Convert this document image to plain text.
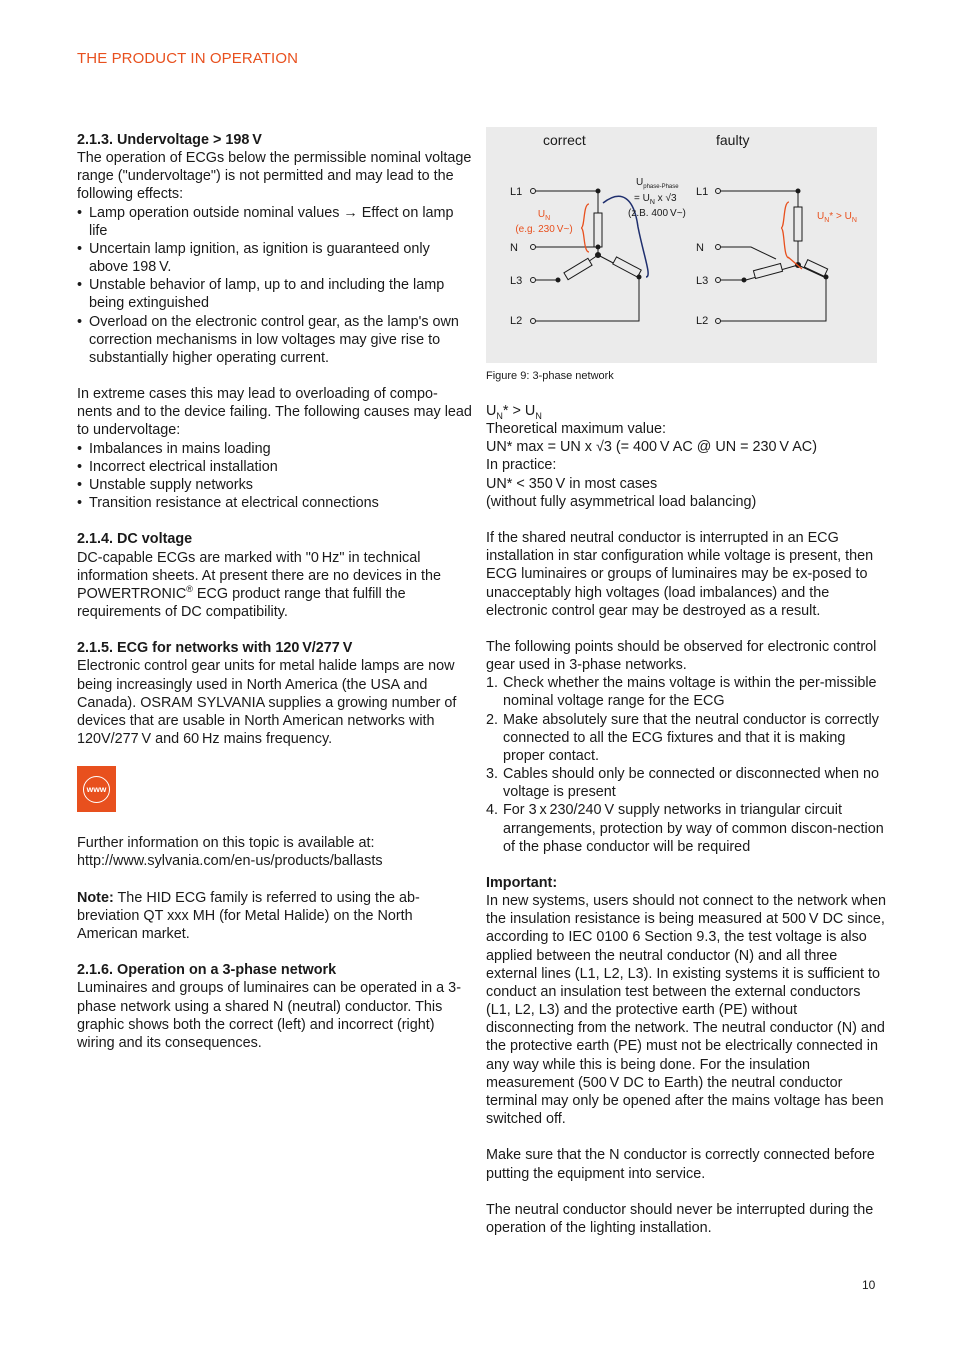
THE PRODUCT IN OPERATION
2.1.3. Undervoltage > 198 V

The operation of ECGs below the permissible nominal voltage range ("undervoltage") is not permitted and may lead to the following effects:

• Lamp operation outside nominal values → Effect on lamp life
• Uncertain lamp ignition, as ignition is guaranteed only above 198 V.
• Unstable behavior of lamp, up to and including the lamp being extinguished
• Overload on the electronic control gear, as the lamp's own correction mechanisms in low voltages may give rise to substantially higher operating current.

In extreme cases this may lead to overloading of compo-nents and to the device failing. The following causes may lead to undervoltage:

• Imbalances in mains loading
• Incorrect electrical installation
• Unstable supply networks
• Transition resistance at electrical connections
2.1.4. DC voltage

DC-capable ECGs are marked with "0 Hz" in technical information sheets. At present there are no devices in the POWERTRONIC® ECG product range that fulfill the requirements of DC compatibility.

2.1.5. ECG for networks with 120 V/277 V

Electronic control gear units for metal halide lamps are now being increasingly used in North America (the USA and Canada). OSRAM SYLVANIA supplies a growing number of devices that are usable in North American networks with 120V/277 V and 60 Hz mains frequency.

www

Further information on this topic is available at:

http://www.sylvania.com/en-us/products/ballasts

Note: The HID ECG family is referred to using the ab-breviation QT xxx MH (for Metal Halide) on the North American market.

2.1.6. Operation on a 3-phase network

Luminaires and groups of luminaires can be operated in a 3-phase network using a shared N (neutral) conductor. This graphic shows both the correct (left) and incorrect (right) wiring and its consequences.

correct	faulty
L1
N
L3
L2
$U_N$
(e.g. 230 V~)
$U_{phase-Phase}$
= $U_N$ x √3
(z.B. 400 V~)
L1
N
L3
L2
$U_N* > U_N$
Figure 9: 3-phase network

$U_N* > U_N$

Theoretical maximum value:

UN* max = UN x √3 (= 400 V AC @ UN = 230 V AC)

In practice:

UN* < 350 V in most cases

(without fully asymmetrical load balancing)

If the shared neutral conductor is interrupted in an ECG installation in star configuration while voltage is present, then ECG luminaires or groups of luminaires may be ex-posed to unacceptably high voltages (load imbalances) and the electronic control gear may be destroyed as a result.

The following points should be observed for electronic control gear used in 3-phase networks.

1. Check whether the mains voltage is within the per-missible nominal voltage range for the ECG
2. Make absolutely sure that the neutral conductor is correctly connected to all the ECG fixtures and that it is making proper contact.
3. Cables should only be connected or disconnected when no voltage is present
4. For 3 x 230/240 V supply networks in triangular circuit arrangements, protection by way of common discon-nection of the phase conductor will be required
Important:

In new systems, users should not connect to the network when the insulation resistance is being measured at 500 V DC since, according to IEC 0100 6 Section 9.3, the test voltage is also applied between the neutral conductor (N) and all three external lines (L1, L2, L3). In existing systems it is sufficient to conduct an insulation test between the external conductors (L1, L2, L3) and the protective earth (PE) without disconnecting from the network. The neutral conductor (N) and the protective earth (PE) must not be electrically connected in any way while this is being done. For the insulation measurement (500 V DC to Earth) the neutral conductor terminal may only be opened after the mains voltage has been switched off.

Make sure that the N conductor is correctly connected before putting the equipment into service.

The neutral conductor should never be interrupted during the operation of the lighting installation.

10
